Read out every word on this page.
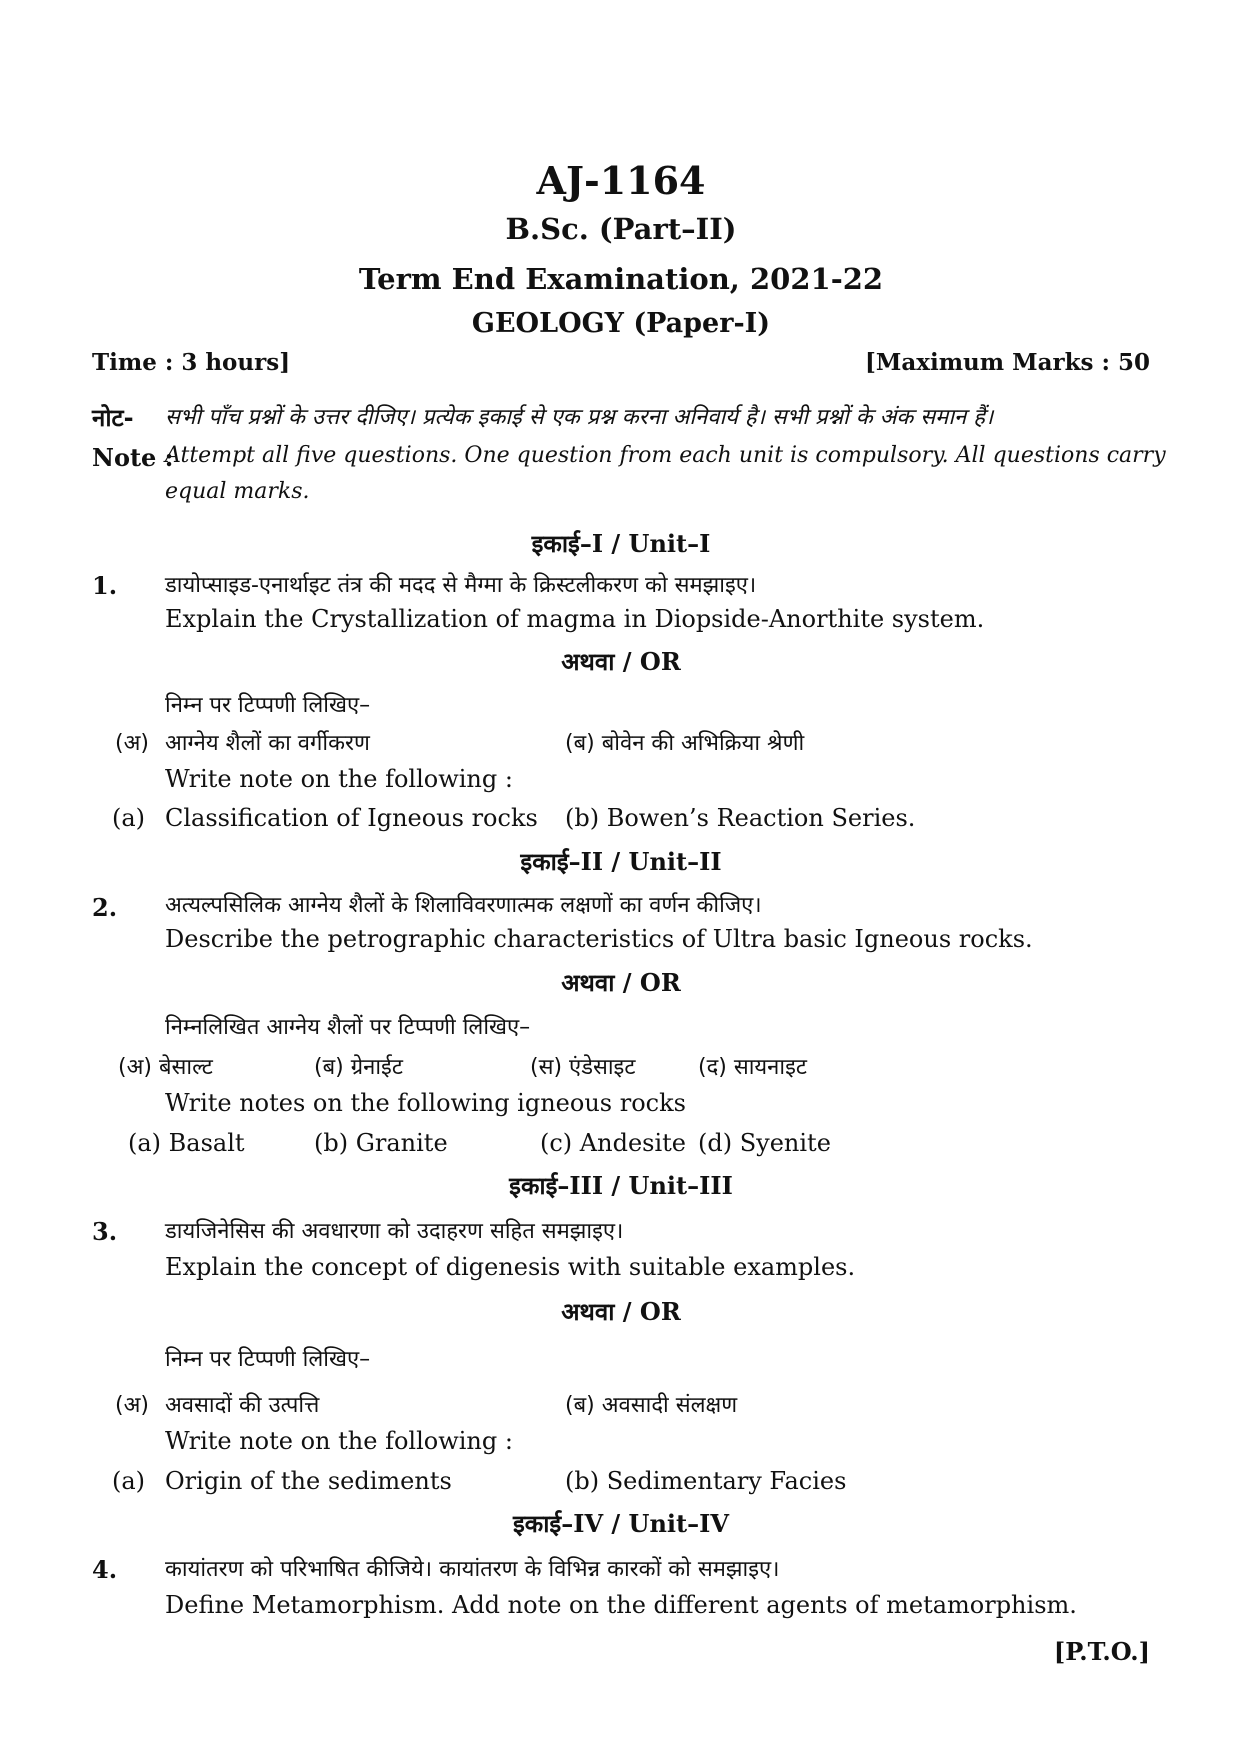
AJ-1164
B.Sc. (Part–II)
Term End Examination, 2021-22
GEOLOGY (Paper-I)
Time : 3 hours]	[Maximum Marks : 50
नोट- सभी पाँच प्रश्नों के उत्तर दीजिए। प्रत्येक इकाई से एक प्रश्न करना अनिवार्य है। सभी प्रश्नों के अंक समान हैं।
Note :
Attempt all five questions. One question from each unit is compulsory. All questions carry
equal marks.
इकाई–I / Unit–I
1. डायोप्साइड-एनार्थाइट तंत्र की मदद से मैग्मा के क्रिस्टलीकरण को समझाइए।
Explain the Crystallization of magma in Diopside-Anorthite system.
अथवा / OR
निम्न पर टिप्पणी लिखिए–
(अ) आग्नेय शैलों का वर्गीकरण	(ब) बोवेन की अभिक्रिया श्रेणी
Write note on the following :
(a) Classification of Igneous rocks (b) Bowen’s Reaction Series.
इकाई–II / Unit–II
2. अत्यल्पसिलिक आग्नेय शैलों के शिलाविवरणात्मक लक्षणों का वर्णन कीजिए।
Describe the petrographic characteristics of Ultra basic Igneous rocks.
अथवा / OR
निम्नलिखित आग्नेय शैलों पर टिप्पणी लिखिए–
(अ) बेसाल्ट	(ब) ग्रेनाईट	(स) एंडेसाइट	(द) सायनाइट
Write notes on the following igneous rocks
(a) Basalt	(b) Granite	(c) Andesite (d) Syenite
इकाई–III / Unit–III
3. डायजिनेसिस की अवधारणा को उदाहरण सहित समझाइए।
Explain the concept of digenesis with suitable examples.
अथवा / OR
निम्न पर टिप्पणी लिखिए–
(अ) अवसादों की उत्पत्ति	(ब) अवसादी संलक्षण
Write note on the following :
(a) Origin of the sediments	(b) Sedimentary Facies
इकाई–IV / Unit–IV
4. कायांतरण को परिभाषित कीजिये। कायांतरण के विभिन्न कारकों को समझाइए।
Define Metamorphism. Add note on the different agents of metamorphism.
[P.T.O.]
